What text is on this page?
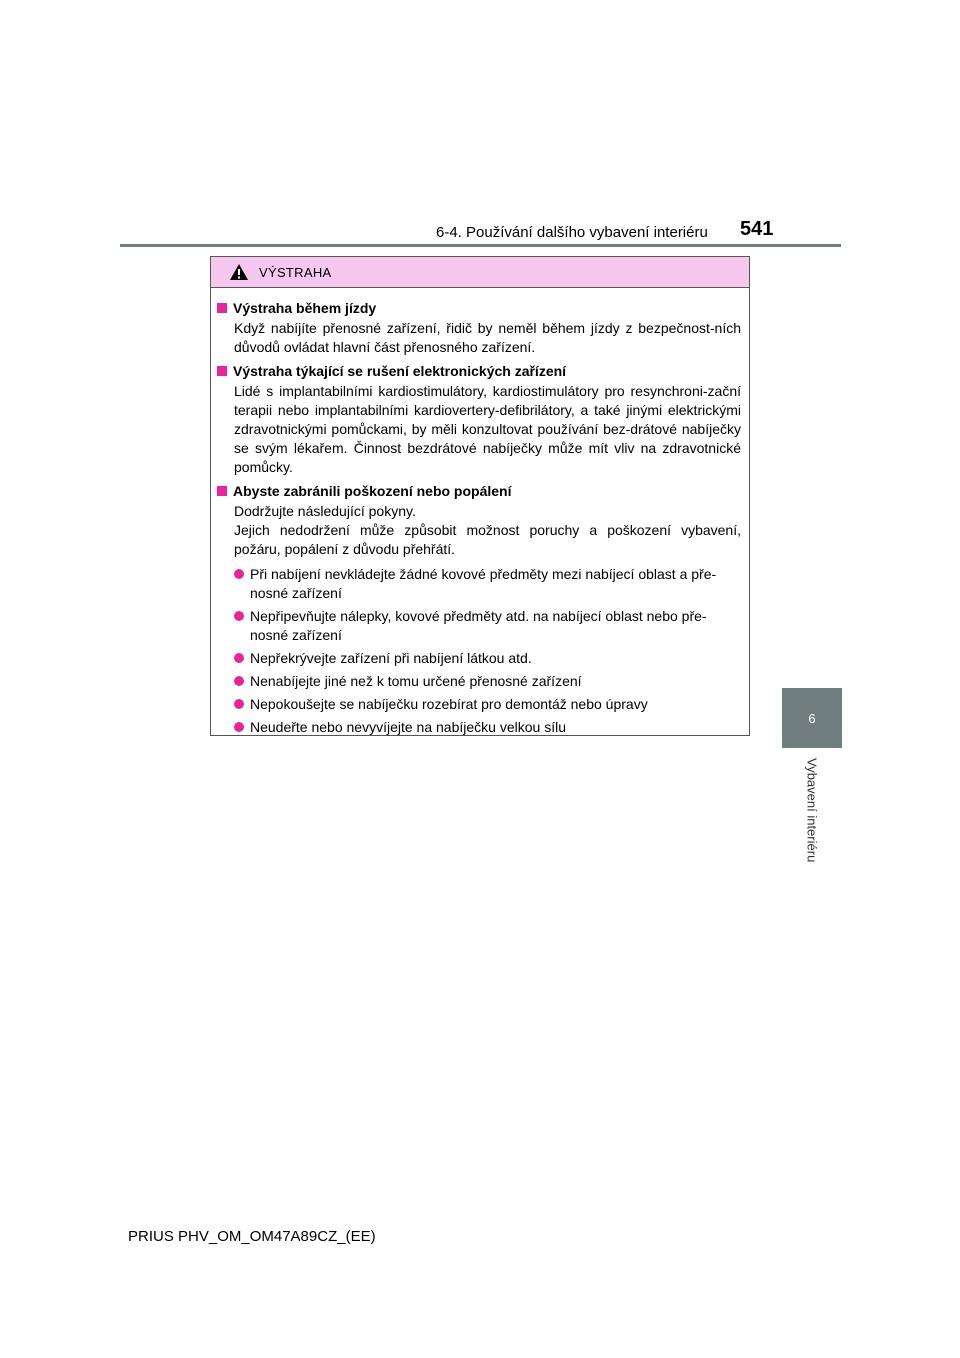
6-4. Používání dalšího vybavení interiéru 541
6
Vybavení interiéru
VÝSTRAHA
Výstraha během jízdy
Když nabíjíte přenosné zařízení, řidič by neměl během jízdy z bezpečnost-ních důvodů ovládat hlavní část přenosného zařízení.
Výstraha týkající se rušení elektronických zařízení
Lidé s implantabilními kardiostimulátory, kardiostimulátory pro resynchroni-zační terapii nebo implantabilními kardiovertery-defibrilátory, a také jinými elektrickými zdravotnickými pomůckami, by měli konzultovat používání bez-drátové nabíječky se svým lékařem. Činnost bezdrátové nabíječky může mít vliv na zdravotnické pomůcky.
Abyste zabránili poškození nebo popálení
Dodržujte následující pokyny.
Jejich nedodržení může způsobit možnost poruchy a poškození vybavení, požáru, popálení z důvodu přehřátí.
Při nabíjení nevkládejte žádné kovové předměty mezi nabíjecí oblast a pře-nosné zařízení
Nepřipevňujte nálepky, kovové předměty atd. na nabíjecí oblast nebo pře-nosné zařízení
Nepřekrývejte zařízení při nabíjení látkou atd.
Nenabíjejte jiné než k tomu určené přenosné zařízení
Nepokoušejte se nabíječku rozebírat pro demontáž nebo úpravy
Neudeřte nebo nevyvíjejte na nabíječku velkou sílu
PRIUS PHV_OM_OM47A89CZ_(EE)
